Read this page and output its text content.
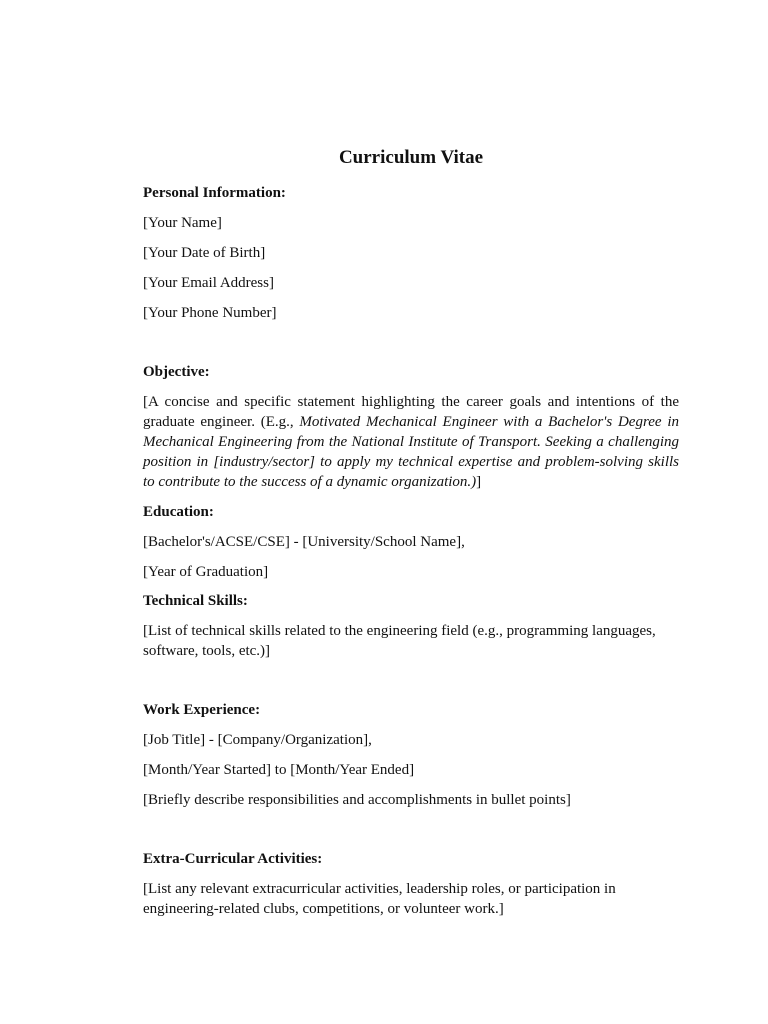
Curriculum Vitae
Personal Information:
[Your Name]
[Your Date of Birth]
[Your Email Address]
[Your Phone Number]
Objective:
[A concise and specific statement highlighting the career goals and intentions of the graduate engineer. (E.g., Motivated Mechanical Engineer with a Bachelor's Degree in Mechanical Engineering from the National Institute of Transport. Seeking a challenging position in [industry/sector] to apply my technical expertise and problem-solving skills to contribute to the success of a dynamic organization.)]
Education:
[Bachelor's/ACSE/CSE] - [University/School Name],
[Year of Graduation]
Technical Skills:
[List of technical skills related to the engineering field (e.g., programming languages, software, tools, etc.)]
Work Experience:
[Job Title] - [Company/Organization],
[Month/Year Started] to [Month/Year Ended]
[Briefly describe responsibilities and accomplishments in bullet points]
Extra-Curricular Activities:
[List any relevant extracurricular activities, leadership roles, or participation in engineering-related clubs, competitions, or volunteer work.]
